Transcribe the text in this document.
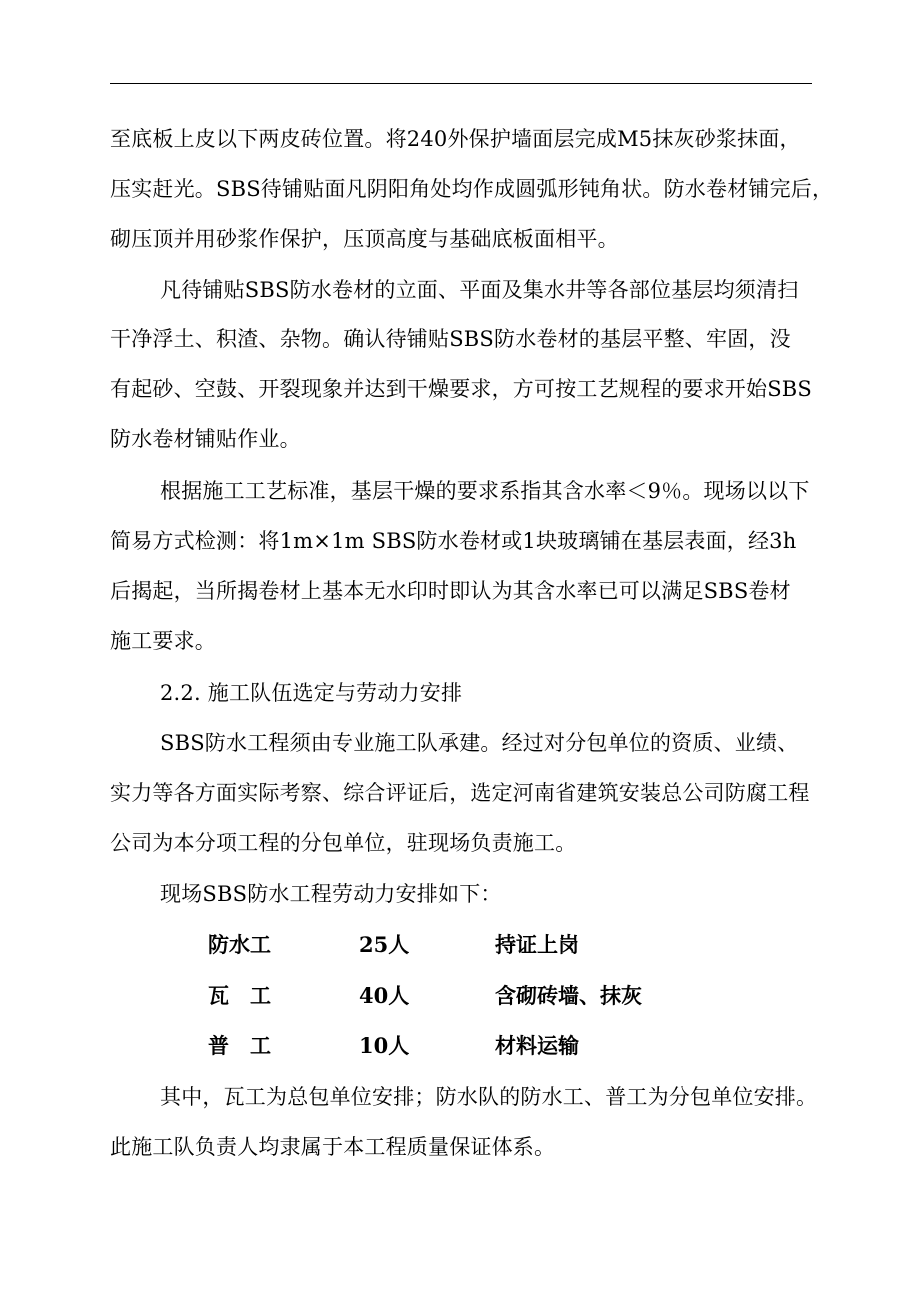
至底板上皮以下两皮砖位置。将240外保护墙面层完成M5抹灰砂浆抹面，
压实赶光。SBS待铺贴面凡阴阳角处均作成圆弧形钝角状。防水卷材铺完后，
砌压顶并用砂浆作保护，压顶高度与基础底板面相平。
凡待铺贴SBS防水卷材的立面、平面及集水井等各部位基层均须清扫
干净浮土、积渣、杂物。确认待铺贴SBS防水卷材的基层平整、牢固，没
有起砂、空鼓、开裂现象并达到干燥要求，方可按工艺规程的要求开始SBS
防水卷材铺贴作业。
根据施工工艺标准，基层干燥的要求系指其含水率＜9％。现场以以下
简易方式检测：将1m×1m SBS防水卷材或1块玻璃铺在基层表面，经3h
后揭起，当所揭卷材上基本无水印时即认为其含水率已可以满足SBS卷材
施工要求。
2.2. 施工队伍选定与劳动力安排
SBS防水工程须由专业施工队承建。经过对分包单位的资质、业绩、
实力等各方面实际考察、综合评证后，选定河南省建筑安装总公司防腐工程
公司为本分项工程的分包单位，驻现场负责施工。
现场SBS防水工程劳动力安排如下：
防水工	25人	持证上岗
瓦　工	40人	含砌砖墙、抹灰
普　工	10人	材料运输
其中，瓦工为总包单位安排；防水队的防水工、普工为分包单位安排。
此施工队负责人均隶属于本工程质量保证体系。
